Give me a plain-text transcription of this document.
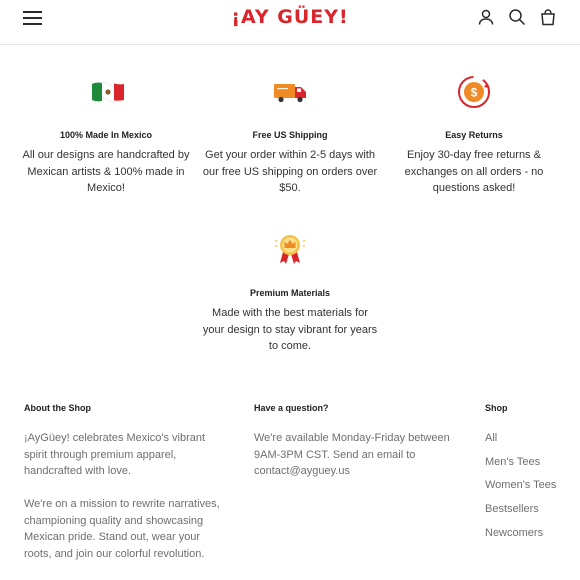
¡AY GÜEY!
$
100% Made In Mexico
All our designs are handcrafted by Mexican artists & 100% made in Mexico!
Free US Shipping
Get your order within 2-5 days with our free US shipping on orders over $50.
Easy Returns
Enjoy 30-day free returns & exchanges on all orders - no questions asked!
Premium Materials
Made with the best materials for your design to stay vibrant for years to come.
About the Shop
¡AyGüey! celebrates Mexico's vibrant spirit through premium apparel, handcrafted with love.
We're on a mission to rewrite narratives, championing quality and showcasing Mexican pride. Stand out, wear your roots, and join our colorful revolution.
Have a question?
We're available Monday-Friday between 9AM-3PM CST. Send an email to contact@ayguey.us
Shop
All
Men's Tees
Women's Tees
Bestsellers
Newcomers
